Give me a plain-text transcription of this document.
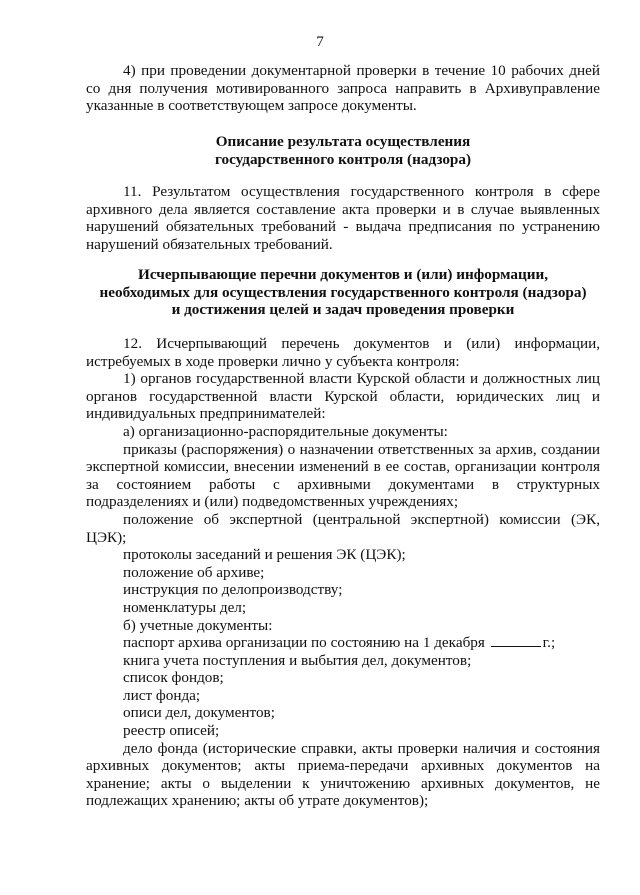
7

4) при проведении документарной проверки в течение 10 рабочих дней со дня получения мотивированного запроса направить в Архивуправление указанные в соответствующем запросе документы.

Описание результата осуществления
государственного контроля (надзора)

11. Результатом осуществления государственного контроля в сфере архивного дела является составление акта проверки и в случае выявленных нарушений обязательных требований - выдача предписания по устранению нарушений обязательных требований.

Исчерпывающие перечни документов и (или) информации,
необходимых для осуществления государственного контроля (надзора)
и достижения целей и задач проведения проверки

12. Исчерпывающий перечень документов и (или) информации, истребуемых в ходе проверки лично у субъекта контроля:

1) органов государственной власти Курской области и должностных лиц органов государственной власти Курской области, юридических лиц и индивидуальных предпринимателей:

а) организационно-распорядительные документы:

приказы (распоряжения) о назначении ответственных за архив, создании экспертной комиссии, внесении изменений в ее состав, организации контроля за состоянием работы с архивными документами в структурных подразделениях и (или) подведомственных учреждениях;

положение об экспертной (центральной экспертной) комиссии (ЭК, ЦЭК);

протоколы заседаний и решения ЭК (ЦЭК);

положение об архиве;

инструкция по делопроизводству;

номенклатуры дел;

б) учетные документы:

паспорт архива организации по состоянию на 1 декабря	г.;

книга учета поступления и выбытия дел, документов;

список фондов;

лист фонда;

описи дел, документов;

реестр описей;

дело фонда (исторические справки, акты проверки наличия и состояния архивных документов; акты приема-передачи архивных документов на хранение; акты о выделении к уничтожению архивных документов, не подлежащих хранению; акты об утрате документов);
